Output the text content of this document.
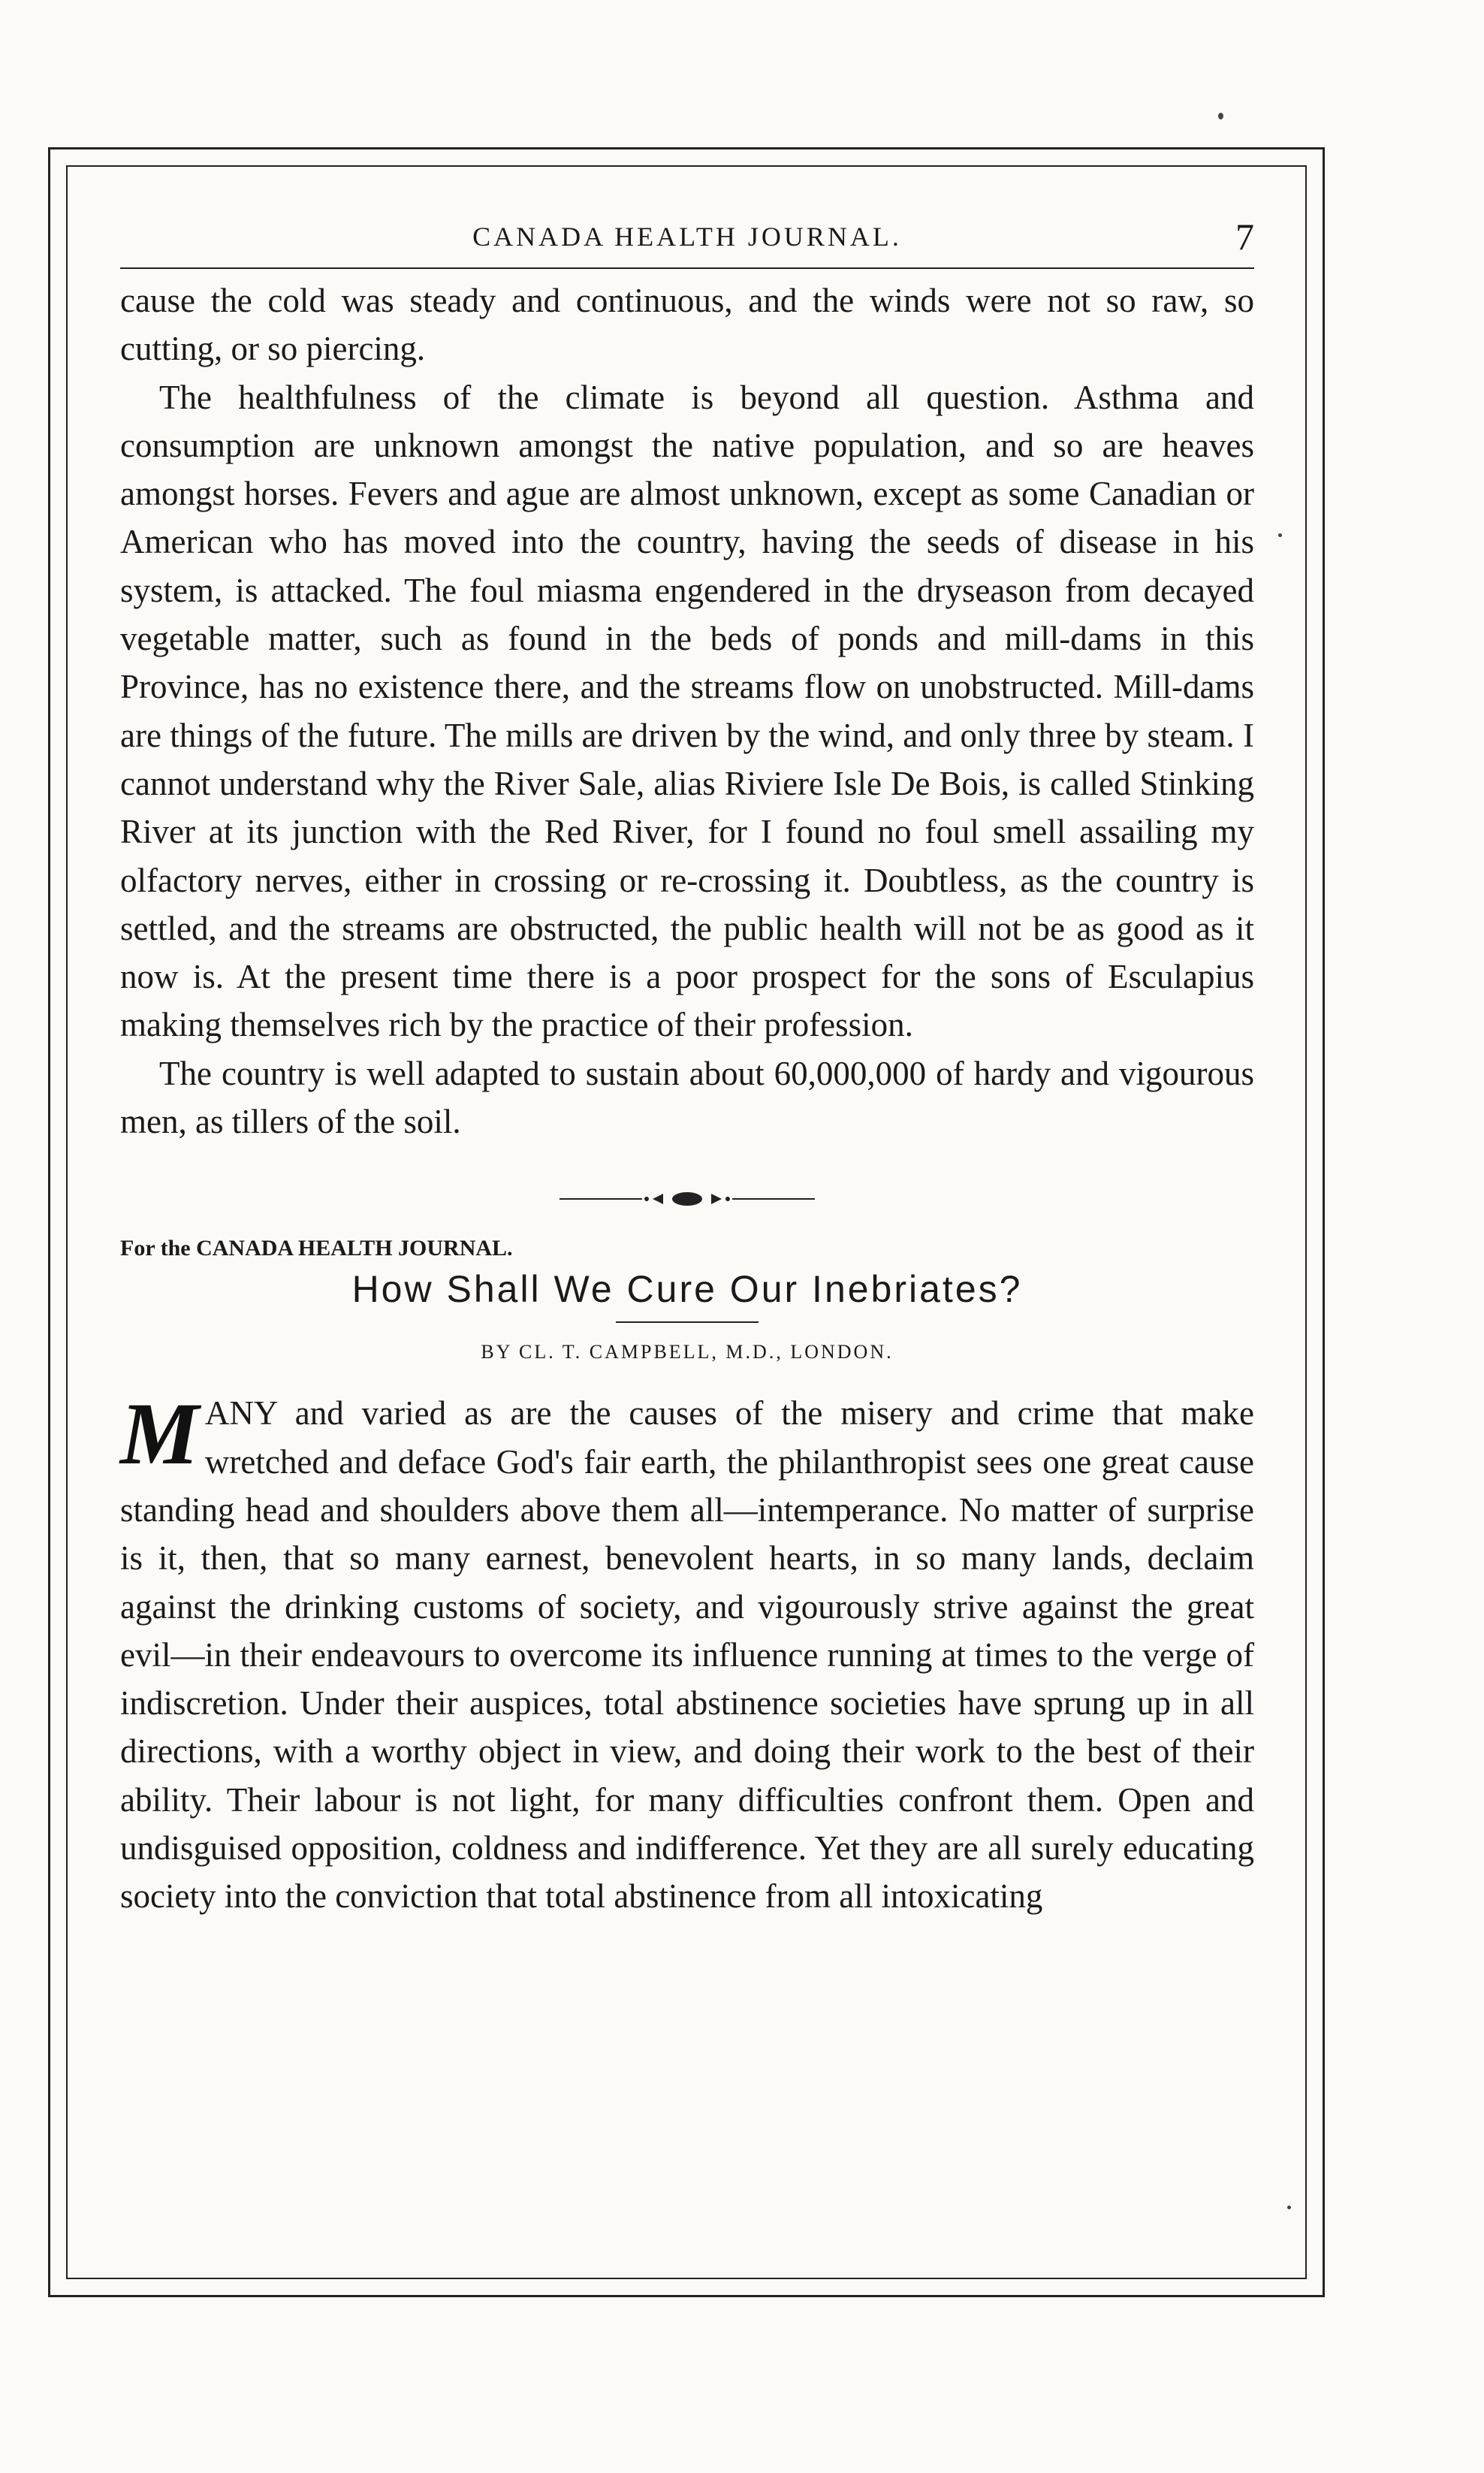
CANADA HEALTH JOURNAL.	7

cause the cold was steady and continuous, and the winds were not so raw, so cutting, or so piercing.

The healthfulness of the climate is beyond all question. Asthma and consumption are unknown amongst the native population, and so are heaves amongst horses. Fevers and ague are almost unknown, except as some Canadian or American who has moved into the country, having the seeds of disease in his system, is attacked. The foul miasma engendered in the dryseason from decayed vegetable matter, such as found in the beds of ponds and mill-dams in this Province, has no existence there, and the streams flow on unobstructed. Mill-dams are things of the future. The mills are driven by the wind, and only three by steam. I cannot understand why the River Sale, alias Riviere Isle De Bois, is called Stinking River at its junction with the Red River, for I found no foul smell assailing my olfactory nerves, either in crossing or re-crossing it. Doubtless, as the country is settled, and the streams are obstructed, the public health will not be as good as it now is. At the present time there is a poor prospect for the sons of Esculapius making themselves rich by the practice of their profession.

The country is well adapted to sustain about 60,000,000 of hardy and vigourous men, as tillers of the soil.

For the CANADA HEALTH JOURNAL.
How Shall We Cure Our Inebriates?
BY CL. T. CAMPBELL, M.D., LONDON.
M ANY and varied as are the causes of the misery and crime that make wretched and deface God's fair earth, the philanthropist sees one great cause standing head and shoulders above them all—intemperance. No matter of surprise is it, then, that so many earnest, benevolent hearts, in so many lands, declaim against the drinking customs of society, and vigourously strive against the great evil—in their endeavours to overcome its influence running at times to the verge of indiscretion. Under their auspices, total abstinence societies have sprung up in all directions, with a worthy object in view, and doing their work to the best of their ability. Their labour is not light, for many difficulties confront them. Open and undisguised opposition, coldness and indifference. Yet they are all surely educating society into the conviction that total abstinence from all intoxicating
